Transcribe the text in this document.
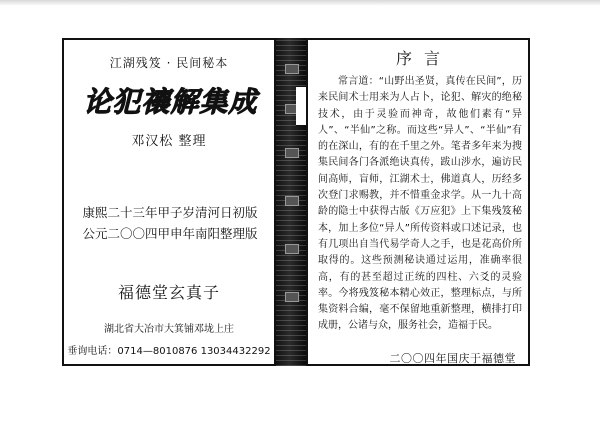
江湖残笈 · 民间秘本
论犯禳解集成
邓汉松 整理
康熙二十三年甲子岁清河日初版
公元二〇〇四甲申年南阳整理版
福德堂玄真子
湖北省大冶市大箕铺邓垅上庄
垂询电话：0714—8010876 13034432292
序言

常言道：“山野出圣贤，真传在民间”，历来民间术士用来为人占卜，论犯、解灾的绝秘技术，由于灵验而神奇，故他们素有“异人”、“半仙”之称。而这些“异人”、“半仙”有的在深山，有的在千里之外。笔者多年来为搜集民间各门各派绝诀真传，跋山涉水，遍访民间高师，盲师，江湖术士，佛道真人，历经多次登门求赐教，并不惜重金求学。从一九十高龄的隐士中获得古版《万应犯》上下集残笈秘本，加上多位“异人”所传资料或口述记录，也有几项出自当代易学奇人之手，也是花高价所取得的。这些预测秘诀通过运用，准确率很高，有的甚至超过正统的四柱、六爻的灵验率。今将残笈秘本精心效正，整理标点，与所集资料合编，毫不保留地重新整理，横排打印成册，公诸与众，服务社会，造福于民。

二〇〇四年国庆于福德堂
